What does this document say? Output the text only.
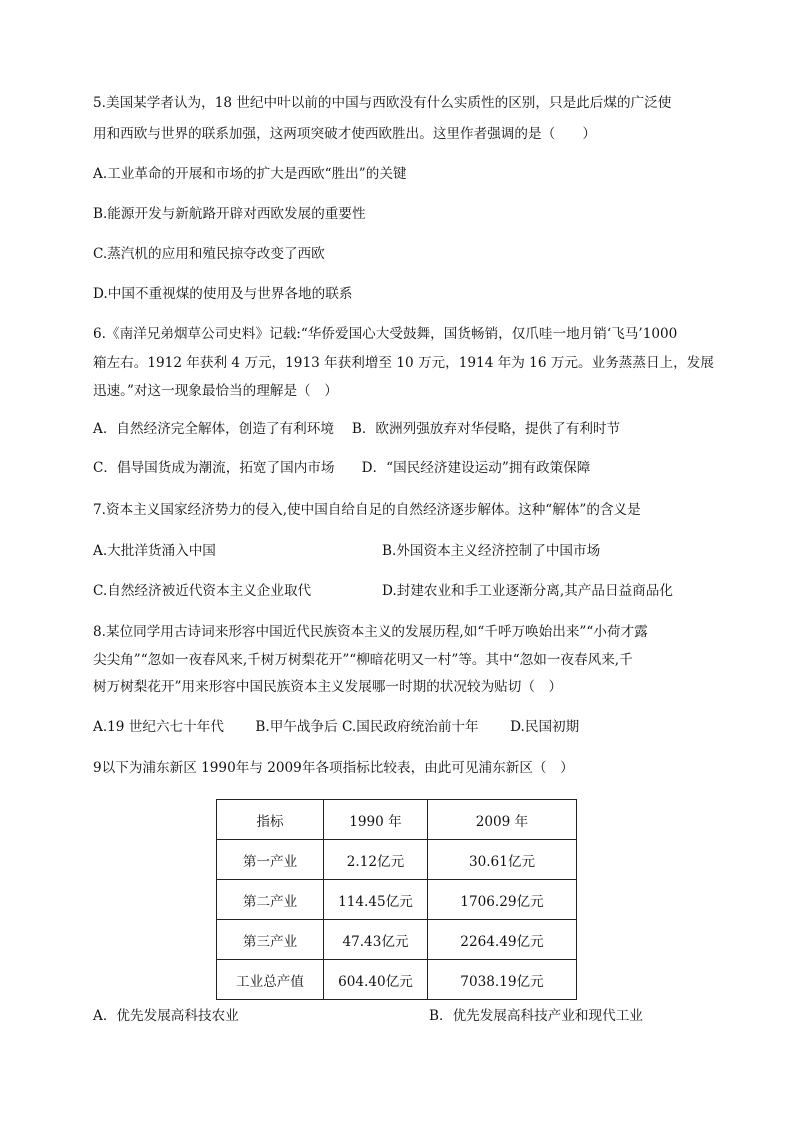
5.美国某学者认为，18 世纪中叶以前的中国与西欧没有什么实质性的区别，只是此后煤的广泛使
用和西欧与世界的联系加强，这两项突破才使西欧胜出。这里作者强调的是（　　）
A.工业革命的开展和市场的扩大是西欧“胜出”的关键
B.能源开发与新航路开辟对西欧发展的重要性
C.蒸汽机的应用和殖民掠夺改变了西欧
D.中国不重视煤的使用及与世界各地的联系
6.《南洋兄弟烟草公司史料》记载:“华侨爱国心大受鼓舞，国货畅销，仅爪哇一地月销‘飞马’1000
箱左右。1912 年获利 4 万元，1913 年获利增至 10 万元，1914 年为 16 万元。业务蒸蒸日上，发展
迅速。”对这一现象最恰当的理解是（　）
A．自然经济完全解体，创造了有利环境　 B．欧洲列强放弃对华侵略，提供了有利时节
C．倡导国货成为潮流，拓宽了国内市场　　D．“国民经济建设运动”拥有政策保障
7.资本主义国家经济势力的侵入,使中国自给自足的自然经济逐步解体。这种“解体”的含义是
A.大批洋货涌入中国	B.外国资本主义经济控制了中国市场
C.自然经济被近代资本主义企业取代	D.封建农业和手工业逐渐分离,其产品日益商品化
8.某位同学用古诗词来形容中国近代民族资本主义的发展历程,如“千呼万唤始出来”“小荷才露
尖尖角”“忽如一夜春风来,千树万树梨花开”“柳暗花明又一村”等。其中“忽如一夜春风来,千
树万树梨花开”用来形容中国民族资本主义发展哪一时期的状况较为贴切（　）
A.19 世纪六七十年代　　 B.甲午战争后 C.国民政府统治前十年　　 D.民国初期
9以下为浦东新区 1990年与 2009年各项指标比较表，由此可见浦东新区（　）
指标	1990 年	2009 年
第一产业	2.12亿元	30.61亿元
第二产业	114.45亿元	1706.29亿元
第三产业	47.43亿元	2264.49亿元
工业总产值	604.40亿元	7038.19亿元
A．优先发展高科技农业	B．优先发展高科技产业和现代工业
